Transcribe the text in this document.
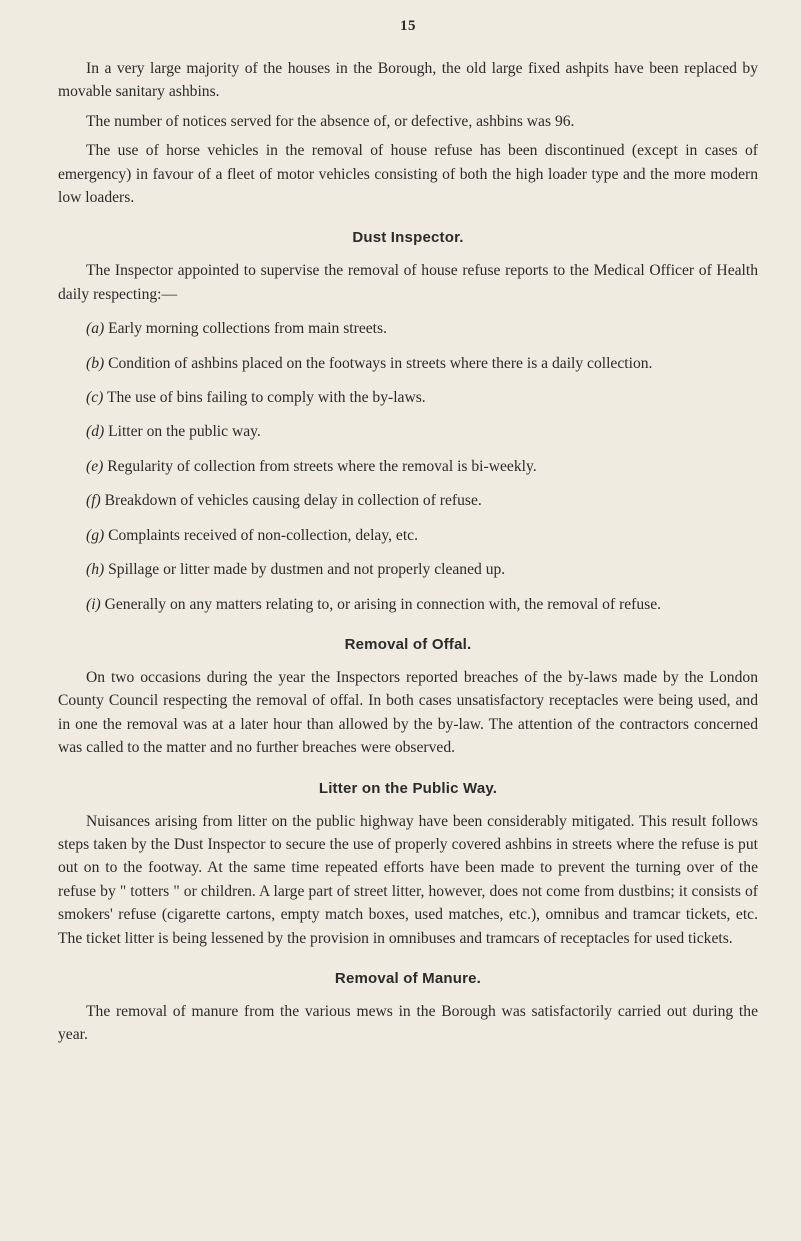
15

In a very large majority of the houses in the Borough, the old large fixed ashpits have been replaced by movable sanitary ashbins.

The number of notices served for the absence of, or defective, ashbins was 96.

The use of horse vehicles in the removal of house refuse has been discontinued (except in cases of emergency) in favour of a fleet of motor vehicles consisting of both the high loader type and the more modern low loaders.

Dust Inspector.

The Inspector appointed to supervise the removal of house refuse reports to the Medical Officer of Health daily respecting:—

(a) Early morning collections from main streets.

(b) Condition of ashbins placed on the footways in streets where there is a daily collection.

(c) The use of bins failing to comply with the by-laws.

(d) Litter on the public way.

(e) Regularity of collection from streets where the removal is bi-weekly.

(f) Breakdown of vehicles causing delay in collection of refuse.

(g) Complaints received of non-collection, delay, etc.

(h) Spillage or litter made by dustmen and not properly cleaned up.

(i) Generally on any matters relating to, or arising in connection with, the removal of refuse.

Removal of Offal.

On two occasions during the year the Inspectors reported breaches of the by-laws made by the London County Council respecting the removal of offal. In both cases unsatisfactory receptacles were being used, and in one the removal was at a later hour than allowed by the by-law. The attention of the contractors concerned was called to the matter and no further breaches were observed.

Litter on the Public Way.

Nuisances arising from litter on the public highway have been considerably mitigated. This result follows steps taken by the Dust Inspector to secure the use of properly covered ashbins in streets where the refuse is put out on to the footway. At the same time repeated efforts have been made to prevent the turning over of the refuse by " totters " or children. A large part of street litter, however, does not come from dustbins; it consists of smokers' refuse (cigarette cartons, empty match boxes, used matches, etc.), omnibus and tramcar tickets, etc. The ticket litter is being lessened by the provision in omnibuses and tramcars of receptacles for used tickets.

Removal of Manure.

The removal of manure from the various mews in the Borough was satisfactorily carried out during the year.
